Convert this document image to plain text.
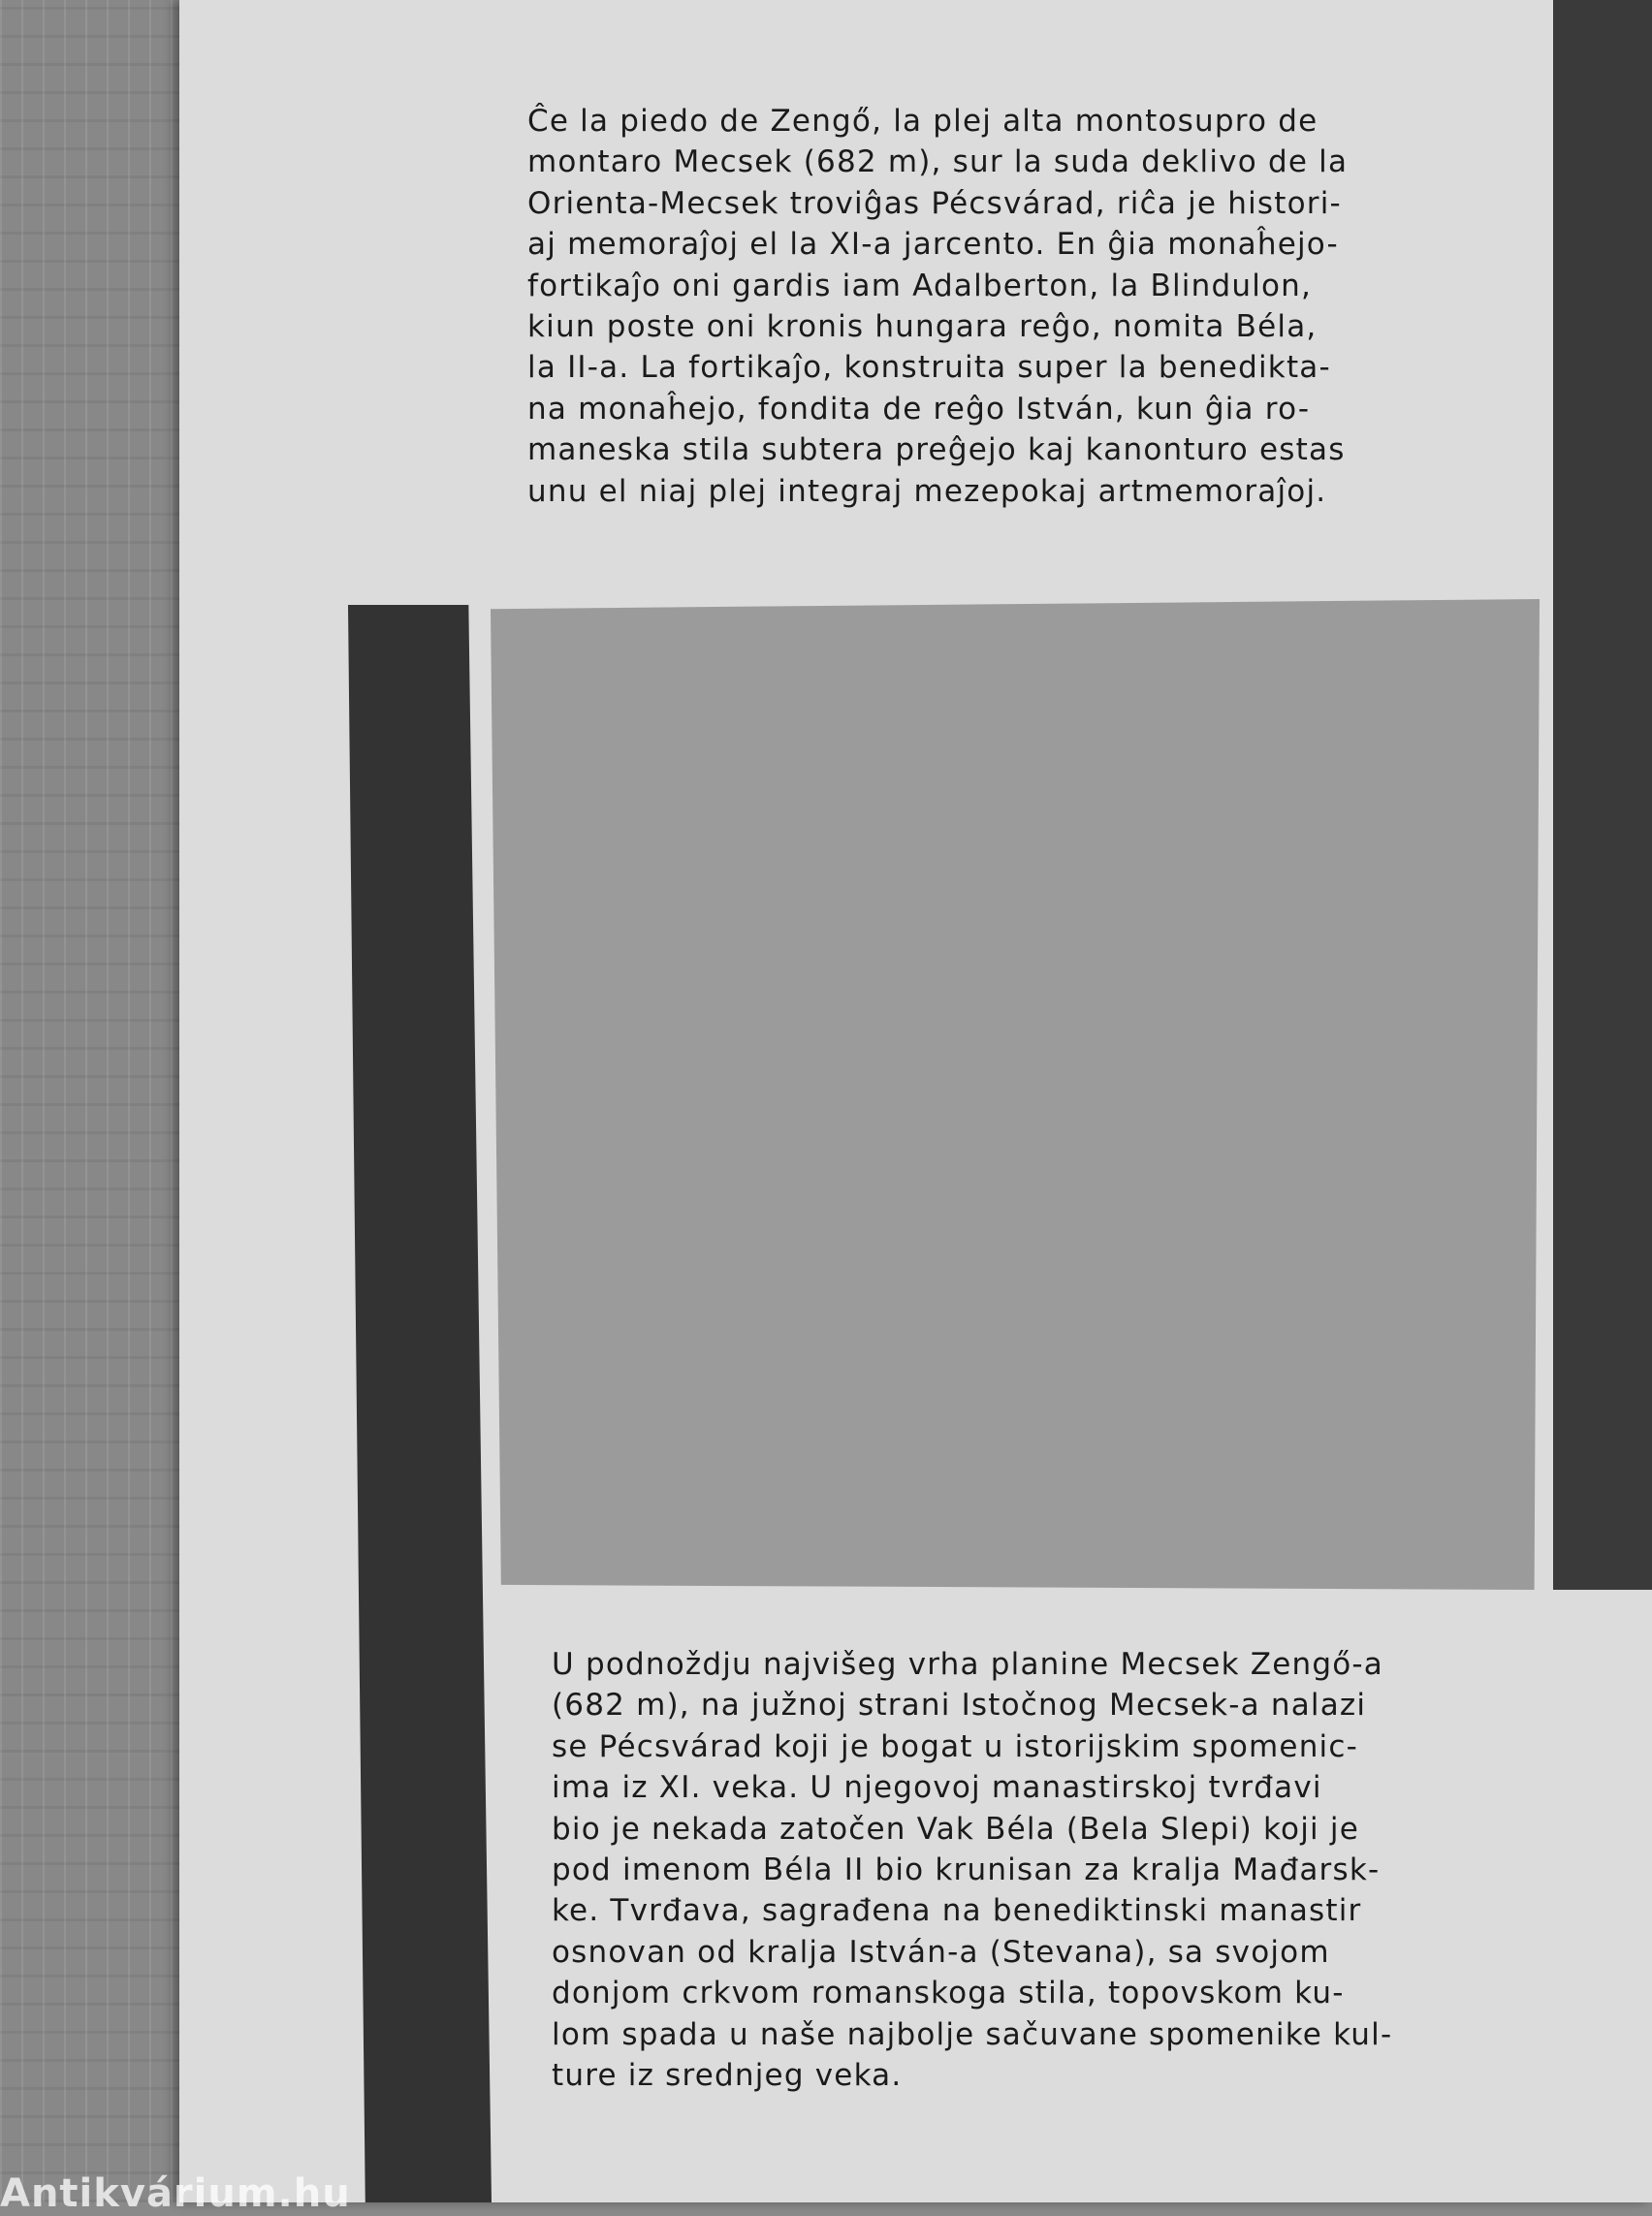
Ĉe la piedo de Zengő, la plej alta montosupro de
montaro Mecsek (682 m), sur la suda deklivo de la
Orienta-Mecsek troviĝas Pécsvárad, riĉa je histori-
aj memoraĵoj el la XI-a jarcento. En ĝia monaĥejo-
fortikaĵo oni gardis iam Adalberton, la Blindulon,
kiun poste oni kronis hungara reĝo, nomita Béla,
la II-a. La fortikaĵo, konstruita super la benedikta-
na monaĥejo, fondita de reĝo István, kun ĝia ro-
maneska stila subtera preĝejo kaj kanonturo estas
unu el niaj plej integraj mezepokaj artmemoraĵoj.
U podnoždju najvišeg vrha planine Mecsek Zengő-a
(682 m), na južnoj strani Istočnog Mecsek-a nalazi
se Pécsvárad koji je bogat u istorijskim spomenic-
ima iz XI. veka. U njegovoj manastirskoj tvrđavi
bio je nekada zatočen Vak Béla (Bela Slepi) koji je
pod imenom Béla II bio krunisan za kralja Mađarsk-
ke. Tvrđava, sagrađena na benediktinski manastir
osnovan od kralja István-a (Stevana), sa svojom
donjom crkvom romanskoga stila, topovskom ku-
lom spada u naše najbolje sačuvane spomenike kul-
ture iz srednjeg veka.
Antikvárium.hu
